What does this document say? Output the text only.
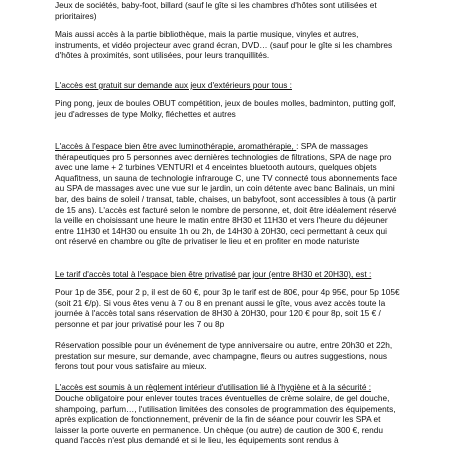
Jeux de sociétés, baby-foot, billard (sauf le gîte si les chambres d'hôtes sont utilisées et prioritaires)

Mais aussi accès à la partie bibliothèque, mais la partie musique, vinyles et autres, instruments, et vidéo projecteur avec grand écran, DVD… (sauf pour le gîte si les chambres d'hôtes à proximités, sont utilisées, pour leurs tranquillités.

L'accès est gratuit sur demande aux jeux d'extérieurs pour tous :

Ping pong, jeux de boules OBUT compétition, jeux de boules molles, badminton, putting golf, jeu d'adresses de type Molky, fléchettes et autres

L'accès à l'espace bien être avec luminothérapie, aromathérapie, : SPA de massages thérapeutiques pro 5 personnes avec dernières technologies de filtrations, SPA de nage pro avec une lame + 2 turbines VENTURI et 4 enceintes bluetooth autours, quelques objets Aquafitness, un sauna de technologie infrarouge C, une TV connecté tous abonnements face au SPA de massages avec une vue sur le jardin, un coin détente avec banc Balinais, un mini bar, des bains de soleil / transat, table, chaises, un babyfoot, sont accessibles à tous (à partir de 15 ans). L'accès est facturé selon le nombre de personne, et, doit être idéalement réservé la veille en choisissant une heure le matin entre 8H30 et 11H30 et vers l'heure du déjeuner entre 11H30 et 14H30 ou ensuite 1h ou 2h, de 14H30 à 20H30, ceci permettant à ceux qui ont réservé en chambre ou gîte de privatiser le lieu et en profiter en mode naturiste

Le tarif d'accès total à l'espace bien être privatisé par jour (entre 8H30 et 20H30), est :

Pour 1p de 35€, pour 2 p, il est de 60 €, pour 3p le tarif est de 80€, pour 4p 95€, pour 5p 105€ (soit 21 €/p). Si vous êtes venu à 7 ou 8 en prenant aussi le gîte, vous avez accès toute la journée à l'accès total sans réservation de 8H30 à 20H30, pour 120 € pour 8p, soit 15 € / personne et par jour privatisé pour les 7 ou 8p

Réservation possible pour un événement de type anniversaire ou autre, entre 20h30 et 22h, prestation sur mesure, sur demande, avec champagne, fleurs ou autres suggestions, nous ferons tout pour vous satisfaire au mieux.

L'accès est soumis à un règlement intérieur d'utilisation lié à l'hygiène et à la sécurité :

Douche obligatoire pour enlever toutes traces éventuelles de crème solaire, de gel douche, shampoing, parfum…, l'utilisation limitées des consoles de programmation des équipements, après explication de fonctionnement, prévenir de la fin de séance pour couvrir les SPA et laisser la porte ouverte en permanence. Un chèque (ou autre) de caution de 300 €, rendu quand l'accès n'est plus demandé et si le lieu, les équipements sont rendus à
